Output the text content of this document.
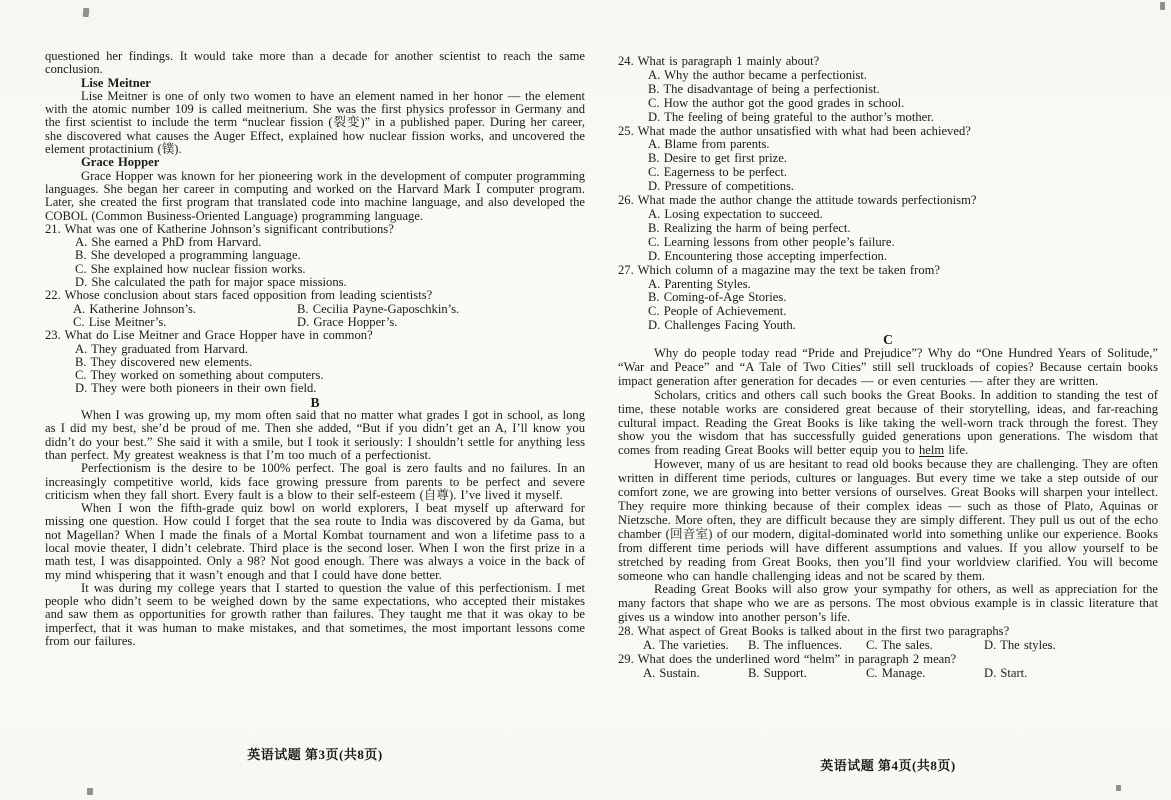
questioned her findings. It would take more than a decade for another scientist to reach the same conclusion.
Lise Meitner
Lise Meitner is one of only two women to have an element named in her honor — the element with the atomic number 109 is called meitnerium. She was the first physics professor in Germany and the first scientist to include the term “nuclear fission (裂变)” in a published paper. During her career, she discovered what causes the Auger Effect, explained how nuclear fission works, and uncovered the element protactinium (镤).
Grace Hopper
Grace Hopper was known for her pioneering work in the development of computer programming languages. She began her career in computing and worked on the Harvard Mark Ⅰ computer program. Later, she created the first program that translated code into machine language, and also developed the COBOL (Common Business-Oriented Language) programming language.
21. What was one of Katherine Johnson’s significant contributions?
A. She earned a PhD from Harvard.
B. She developed a programming language.
C. She explained how nuclear fission works.
D. She calculated the path for major space missions.
22. Whose conclusion about stars faced opposition from leading scientists?
A. Katherine Johnson’s.	B. Cecilia Payne-Gaposchkin’s.
C. Lise Meitner’s.	D. Grace Hopper’s.
23. What do Lise Meitner and Grace Hopper have in common?
A. They graduated from Harvard.
B. They discovered new elements.
C. They worked on something about computers.
D. They were both pioneers in their own field.
B
When I was growing up, my mom often said that no matter what grades I got in school, as long as I did my best, she’d be proud of me. Then she added, “But if you didn’t get an A, I’ll know you didn’t do your best.” She said it with a smile, but I took it seriously: I shouldn’t settle for anything less than perfect. My greatest weakness is that I’m too much of a perfectionist.
Perfectionism is the desire to be 100% perfect. The goal is zero faults and no failures. In an increasingly competitive world, kids face growing pressure from parents to be perfect and severe criticism when they fall short. Every fault is a blow to their self-esteem (自尊). I’ve lived it myself.
When I won the fifth-grade quiz bowl on world explorers, I beat myself up afterward for missing one question. How could I forget that the sea route to India was discovered by da Gama, but not Magellan? When I made the finals of a Mortal Kombat tournament and won a lifetime pass to a local movie theater, I didn’t celebrate. Third place is the second loser. When I won the first prize in a math test, I was disappointed. Only a 98? Not good enough. There was always a voice in the back of my mind whispering that it wasn’t enough and that I could have done better.
It was during my college years that I started to question the value of this perfectionism. I met people who didn’t seem to be weighed down by the same expectations, who accepted their mistakes and saw them as opportunities for growth rather than failures. They taught me that it was okay to be imperfect, that it was human to make mistakes, and that sometimes, the most important lessons come from our failures.
24. What is paragraph 1 mainly about?
A. Why the author became a perfectionist.
B. The disadvantage of being a perfectionist.
C. How the author got the good grades in school.
D. The feeling of being grateful to the author’s mother.
25. What made the author unsatisfied with what had been achieved?
A. Blame from parents.
B. Desire to get first prize.
C. Eagerness to be perfect.
D. Pressure of competitions.
26. What made the author change the attitude towards perfectionism?
A. Losing expectation to succeed.
B. Realizing the harm of being perfect.
C. Learning lessons from other people’s failure.
D. Encountering those accepting imperfection.
27. Which column of a magazine may the text be taken from?
A. Parenting Styles.
B. Coming-of-Age Stories.
C. People of Achievement.
D. Challenges Facing Youth.
C
Why do people today read “Pride and Prejudice”? Why do “One Hundred Years of Solitude,” “War and Peace” and “A Tale of Two Cities” still sell truckloads of copies? Because certain books impact generation after generation for decades — or even centuries — after they are written.
Scholars, critics and others call such books the Great Books. In addition to standing the test of time, these notable works are considered great because of their storytelling, ideas, and far-reaching cultural impact. Reading the Great Books is like taking the well-worn track through the forest. They show you the wisdom that has successfully guided generations upon generations. The wisdom that comes from reading Great Books will better equip you to helm life.
However, many of us are hesitant to read old books because they are challenging. They are often written in different time periods, cultures or languages. But every time we take a step outside of our comfort zone, we are growing into better versions of ourselves. Great Books will sharpen your intellect. They require more thinking because of their complex ideas — such as those of Plato, Aquinas or Nietzsche. More often, they are difficult because they are simply different. They pull us out of the echo chamber (回音室) of our modern, digital-dominated world into something unlike our experience. Books from different time periods will have different assumptions and values. If you allow yourself to be stretched by reading from Great Books, then you’ll find your worldview clarified. You will become someone who can handle challenging ideas and not be scared by them.
Reading Great Books will also grow your sympathy for others, as well as appreciation for the many factors that shape who we are as persons. The most obvious example is in classic literature that gives us a window into another person’s life.
28. What aspect of Great Books is talked about in the first two paragraphs?
A. The varieties.	B. The influences.	C. The sales.	D. The styles.
29. What does the underlined word “helm” in paragraph 2 mean?
A. Sustain.	B. Support.	C. Manage.	D. Start.
英语试题 第3页(共8页)
英语试题 第4页(共8页)
